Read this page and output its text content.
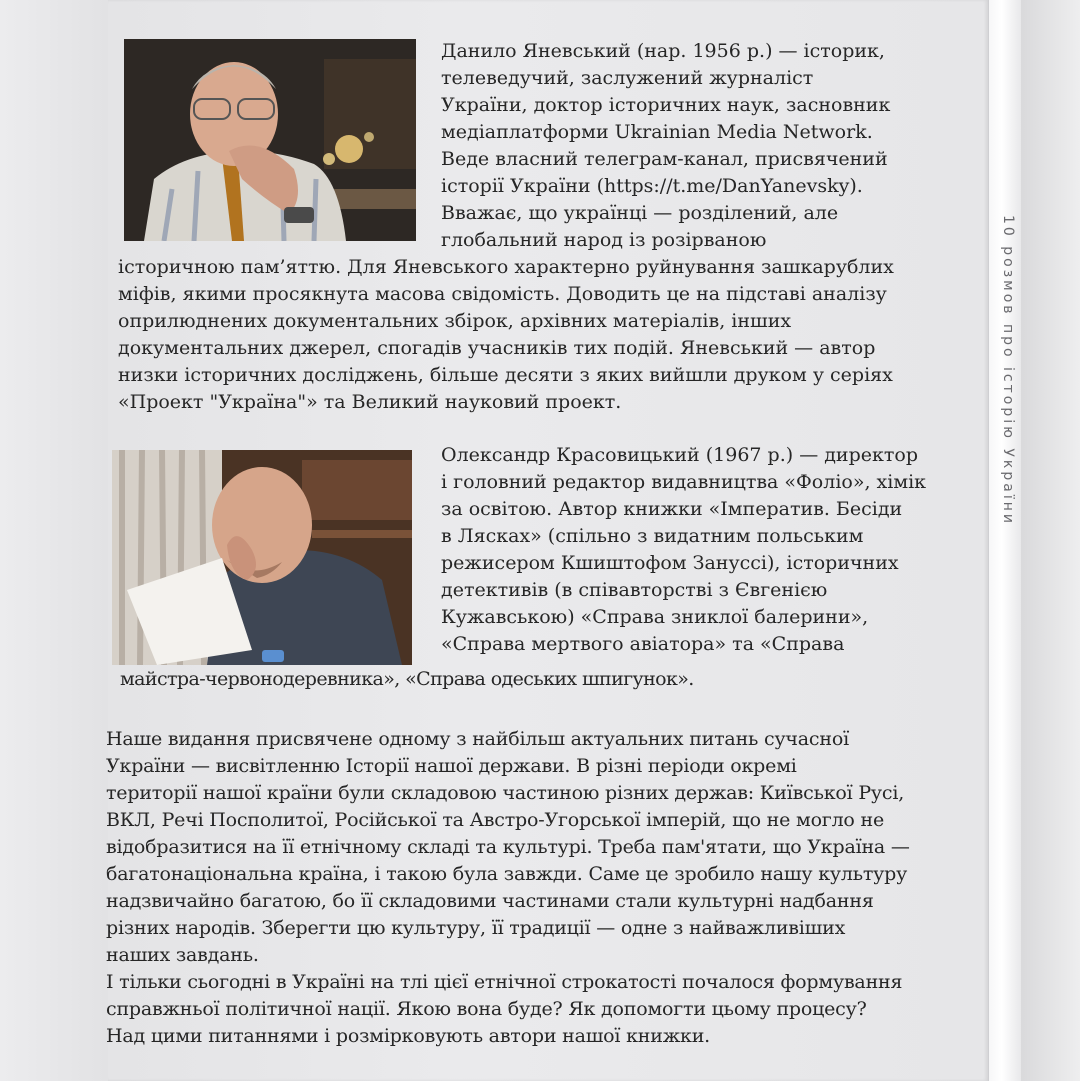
10 розмов про історію України
Данило Яневський (нар. 1956 р.) — історик,
телеведучий, заслужений журналіст
України, доктор історичних наук, засновник
медіаплатформи Ukrainian Media Network.
Веде власний телеграм-канал, присвячений
історії України (https://t.me/DanYanevsky).
Вважає, що українці — розділений, але
глобальний народ із розірваною
історичною пам’яттю. Для Яневського характерно руйнування зашкарублих
міфів, якими просякнута масова свідомість. Доводить це на підставі аналізу
оприлюднених документальних збірок, архівних матеріалів, інших
документальних джерел, спогадів учасників тих подій. Яневський — автор
низки історичних досліджень, більше десяти з яких вийшли друком у серіях
«Проект "Україна"» та Великий науковий проект.
Олександр Красовицький (1967 р.) — директор
і головний редактор видавництва «Фоліо», хімік
за освітою. Автор книжки «Імператив. Бесіди
в Лясках» (спільно з видатним польським
режисером Кшиштофом Зануссі), історичних
детективів (в співавторстві з Євгенією
Кужавською) «Справа зниклої балерини»,
«Справа мертвого авіатора» та «Справа
майстра-червонодеревника», «Справа одеських шпигунок».
Наше видання присвячене одному з найбільш актуальних питань сучасної
України — висвітленню Історії нашої держави. В різні періоди окремі
території нашої країни були складовою частиною різних держав: Київської Русі,
ВКЛ, Речі Посполитої, Російської та Австро-Угорської імперій, що не могло не
відобразитися на її етнічному складі та культурі. Треба пам'ятати, що Україна —
багатонаціональна країна, і такою була завжди. Саме це зробило нашу культуру
надзвичайно багатою, бо її складовими частинами стали культурні надбання
різних народів. Зберегти цю культуру, її традиції — одне з найважливіших
наших завдань.
І тільки сьогодні в Україні на тлі цієї етнічної строкатості почалося формування
справжньої політичної нації. Якою вона буде? Як допомогти цьому процесу?
Над цими питаннями і розмірковують автори нашої книжки.
